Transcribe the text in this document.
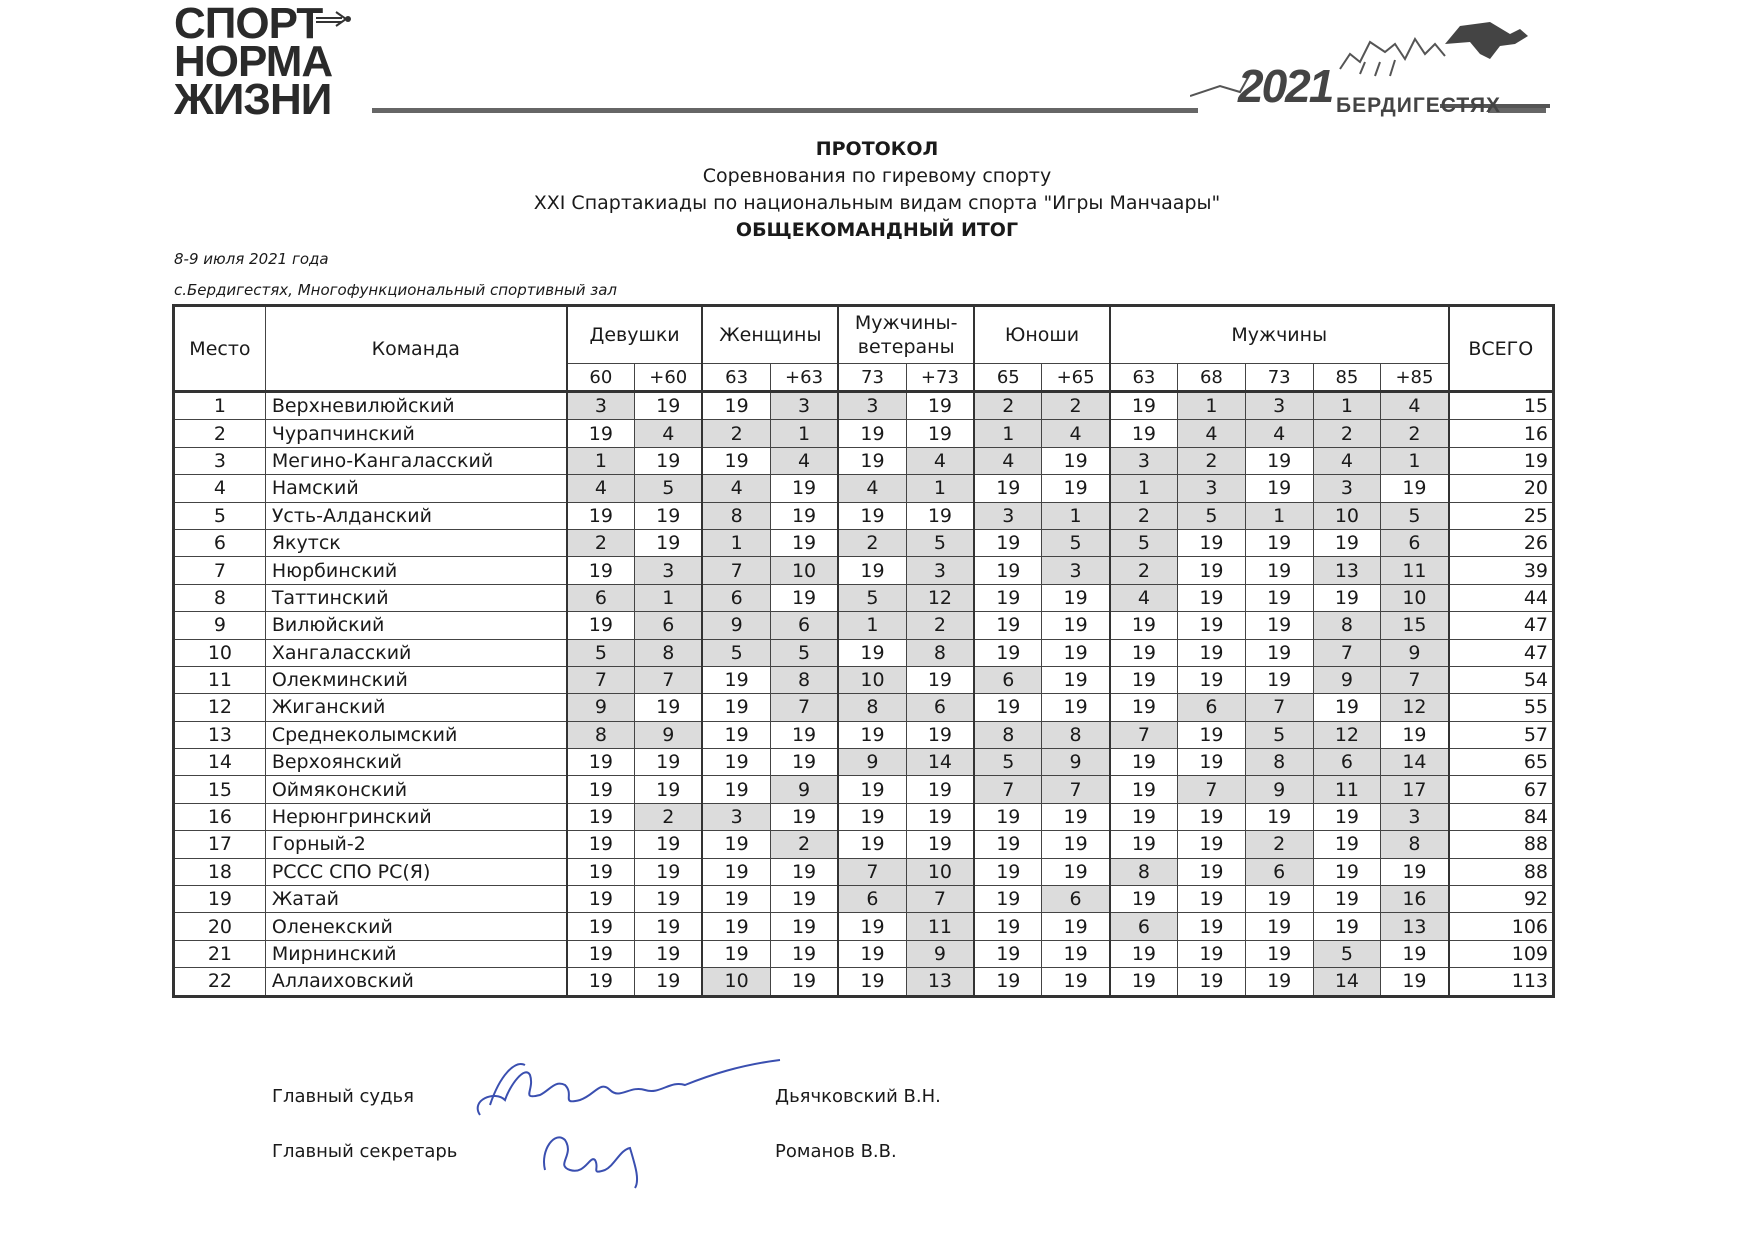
СПОРТ
НОРМА
ЖИЗНИ	2021 БЕРДИГЕСТЯХ
ПРОТОКОЛ
Соревнования по гиревому спорту
XXI Спартакиады по национальным видам спорта "Игры Манчаары"
ОБЩЕКОМАНДНЫЙ ИТОГ
8-9 июля 2021 года
с.Бердигестях, Многофункциональный спортивный зал
Место	Команда	Девушки		Женщины		Мужчины-ветераны		Юноши		Мужчины					ВСЕГО
		60	+60	63	+63	73	+73	65	+65	63	68	73	85	+85	
1	Верхневилюйский	3	19	19	3	3	19	2	2	19	1	3	1	4	15
2	Чурапчинский	19	4	2	1	19	19	1	4	19	4	4	2	2	16
3	Мегино-Кангаласский	1	19	19	4	19	4	4	19	3	2	19	4	1	19
4	Намский	4	5	4	19	4	1	19	19	1	3	19	3	19	20
5	Усть-Алданский	19	19	8	19	19	19	3	1	2	5	1	10	5	25
6	Якутск	2	19	1	19	2	5	19	5	5	19	19	19	6	26
7	Нюрбинский	19	3	7	10	19	3	19	3	2	19	19	13	11	39
8	Таттинский	6	1	6	19	5	12	19	19	4	19	19	19	10	44
9	Вилюйский	19	6	9	6	1	2	19	19	19	19	19	8	15	47
10	Хангаласский	5	8	5	5	19	8	19	19	19	19	19	7	9	47
11	Олекминский	7	7	19	8	10	19	6	19	19	19	19	9	7	54
12	Жиганский	9	19	19	7	8	6	19	19	19	6	7	19	12	55
13	Среднеколымский	8	9	19	19	19	19	8	8	7	19	5	12	19	57
14	Верхоянский	19	19	19	19	9	14	5	9	19	19	8	6	14	65
15	Оймяконский	19	19	19	9	19	19	7	7	19	7	9	11	17	67
16	Нерюнгринский	19	2	3	19	19	19	19	19	19	19	19	19	3	84
17	Горный-2	19	19	19	2	19	19	19	19	19	19	2	19	8	88
18	РССС СПО РС(Я)	19	19	19	19	7	10	19	19	8	19	6	19	19	88
19	Жатай	19	19	19	19	6	7	19	6	19	19	19	19	16	92
20	Оленекский	19	19	19	19	19	11	19	19	6	19	19	19	13	106
21	Мирнинский	19	19	19	19	19	9	19	19	19	19	19	5	19	109
22	Аллаиховский	19	19	10	19	19	13	19	19	19	19	19	14	19	113
Главный судья
Главный секретарь
Дьячковский В.Н.
Романов В.В.
